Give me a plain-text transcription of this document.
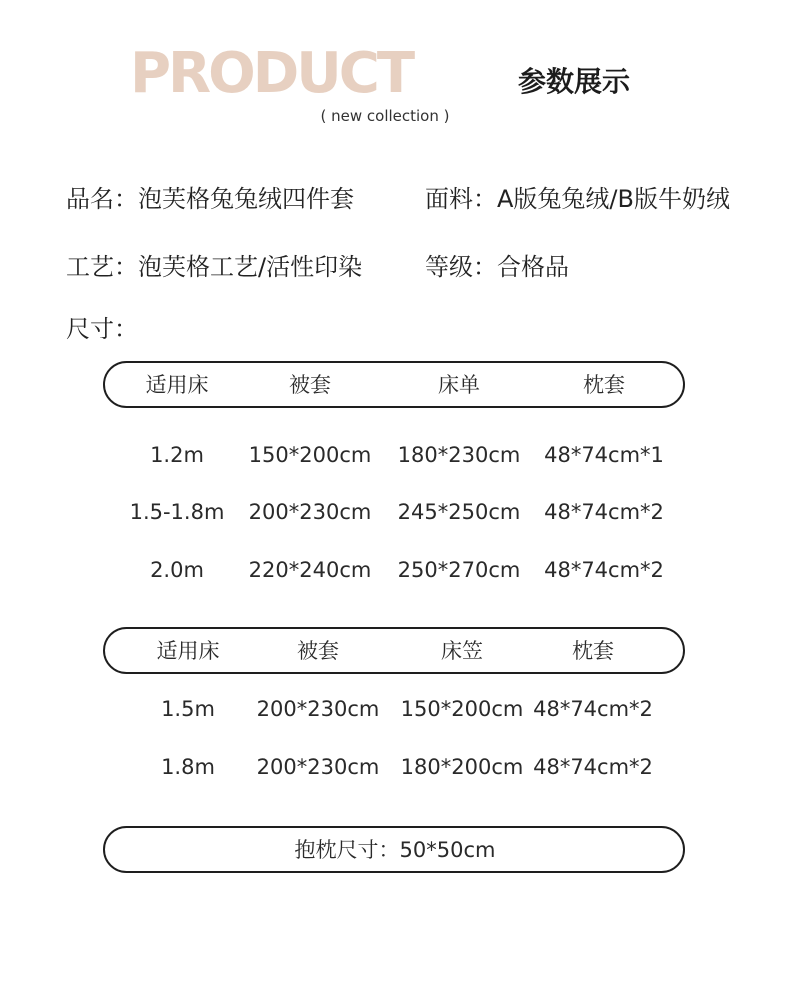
PRODUCT	参数展示
( new collection )
品名：泡芙格兔兔绒四件套	面料：A版兔兔绒/B版牛奶绒
工艺：泡芙格工艺/活性印染	等级：合格品
尺寸：
适用床	被套	床单	枕套
1.2m 150*200cm 180*230cm 48*74cm*1
1.5-1.8m 200*230cm 245*250cm 48*74cm*2
2.0m 220*240cm 250*270cm 48*74cm*2
适用床	被套	床笠	枕套
1.5m 200*230cm 150*200cm 48*74cm*2
1.8m 200*230cm 180*200cm 48*74cm*2
抱枕尺寸：50*50cm
